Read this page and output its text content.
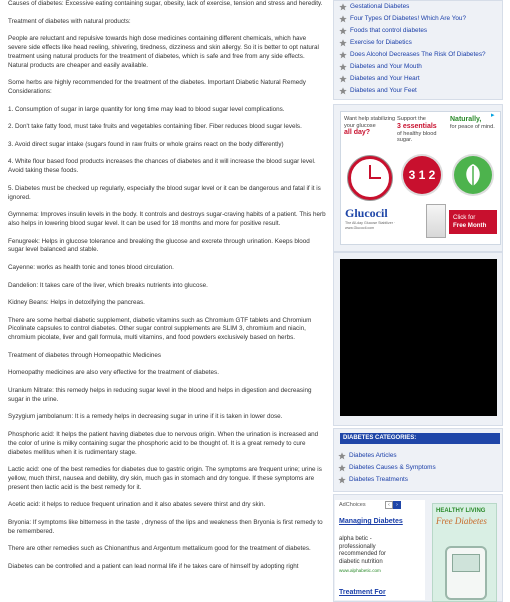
Causes of diabetes: Excessive eating containing sugar, obesity, lack of exercise, tension and stress and heredity.

Treatment of diabetes with natural products:

People are reluctant and repulsive towards high dose medicines containing different chemicals, which have severe side effects like head reeling, shivering, tiredness, dizziness and skin allergy. So it is better to opt natural treatment using natural products for the treatment of diabetes, which is safe and free from any side effects. Natural products are cheaper and easily available.

Some herbs are highly recommended for the treatment of the diabetes. Important Diabetic Natural Remedy Considerations:

1. Consumption of sugar in large quantity for long time may lead to blood sugar level complications.

2. Don't take fatty food, must take fruits and vegetables containing fiber. Fiber reduces blood sugar levels.

3. Avoid direct sugar intake (sugars found in raw fruits or whole grains react on the body differently)

4. White flour based food products increases the chances of diabetes and it will increase the blood sugar level. Avoid taking these foods.

5. Diabetes must be checked up regularly, especially the blood sugar level or it can be dangerous and fatal if it is ignored.

Gymnema: Improves insulin levels in the body. It controls and destroys sugar-craving habits of a patient. This herb also helps in lowering blood sugar level. It can be used for 18 months and more for positive result.

Fenugreek: Helps in glucose tolerance and breaking the glucose and excrete through urination. Keeps blood sugar level balanced and stable.

Cayenne: works as health tonic and tones blood circulation.

Dandelion: It takes care of the liver, which breaks nutrients into glucose.

Kidney Beans: Helps in detoxifying the pancreas.

There are some herbal diabetic supplement, diabetic vitamins such as Chromium GTF tablets and Chromium Picolinate capsules to control diabetes. Other sugar control supplements are SLIM 3, chromium and niacin, chromium picolate, liver and gall formula, multi vitamins, and food powders exclusively based on herbs.

Treatment of diabetes through Homeopathic Medicines

Homeopathy medicines are also very effective for the treatment of diabetes.

Uranium Nitrate: this remedy helps in reducing sugar level in the blood and helps in digestion and decreasing sugar in the urine.

Syzygium jambolanum: It is a remedy helps in decreasing sugar in urine if it is taken in lower dose.

Phosphoric acid: It helps the patient having diabetes due to nervous origin. When the urination is increased and the color of urine is milky containing sugar the phosphoric acid to be thought of. It is a great remedy to cure diabetes mellitus when it is rudimentary stage.

Lactic acid: one of the best remedies for diabetes due to gastric origin. The symptoms are frequent urine; urine is yellow, much thirst, nausea and debility, dry skin, much gas in stomach and dry tongue. If these symptoms are present then lactic acid is the best remedy for it.

Acetic acid: it helps to reduce frequent urination and it also abates severe thirst and dry skin.

Bryonia: If symptoms like bitterness in the taste , dryness of the lips and weakness then Bryonia is first remedy to be remembered.

There are other remedies such as Chionanthus and Argentum mettalicum good for the treatment of diabetes.

Diabetes can be controlled and a patient can lead normal life if he takes care of himself by adopting right

Gestational Diabetes
Four Types Of Diabetes! Which Are You?
Foods that control diabetes
Exercise for Diabetics
Does Alcohol Decreases The Risk Of Diabetes?
Diabetes and Your Mouth
Diabetes and Your Heart
Diabetes and Your Feet
▸
Want help stabilizing your glucose
all day?
Support the
3 essentials
of healthy blood sugar.
3 1 2
Naturally,
for peace of mind.
Glucocil
The All-day Glucose Stabilizer · www.Glucocil.com
Click for
Free Month
DIABETES CATEGORIES:
Diabetes Articles
Diabetes Causes & Symptoms
Diabetes Treatments
AdChoices	‹	›
Managing Diabetes
alpha betic - professionally recommended for diabetic nutrition
www.alphabetic.com
Treatment For
HEALTHY LIVING
Free Diabetes
